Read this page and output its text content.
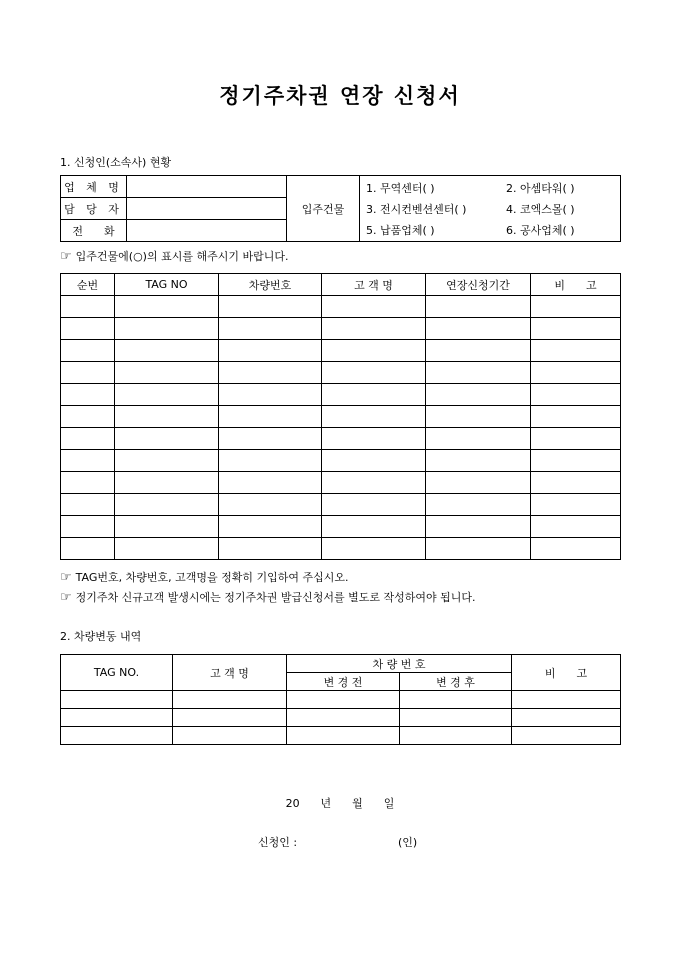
정기주차권 연장 신청서
1. 신청인(소속사) 현황
업 체 명		입주건물	
1. 무역센터( )	2. 아셈타워( )
3. 전시컨벤션센터( )	4. 코엑스몰( )
5. 납품업체( )	6. 공사업체( )

담 당 자	
전      화	
☞ 입주건물에(○)의 표시를 해주시기 바랍니다.
순번	TAG NO	차량번호	고 객 명	연장신청기간	비      고

☞ TAG번호, 차량번호, 고객명을 정확히 기입하여 주십시오.
☞ 정기주차 신규고객 발생시에는 정기주차권 발급신청서를 별도로 작성하여야 됩니다.
2. 차량변동 내역
TAG NO.	고 객 명	차 량 번 호		비      고
		변 경 전	변 경 후	

20      년      월      일
신청인 :	(인)
